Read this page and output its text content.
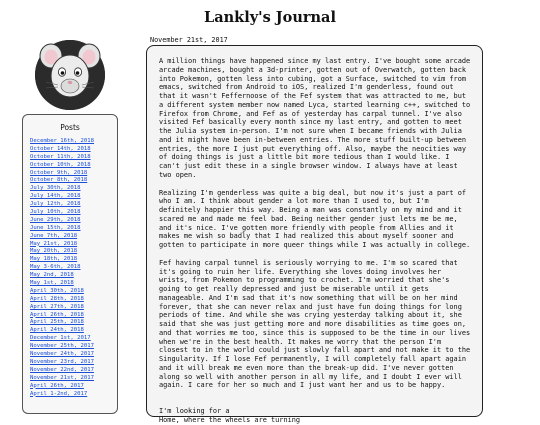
Lankly's Journal
Posts
December 16th, 2018
October 14th, 2018
October 11th, 2018
October 10th, 2018
October 9th, 2018
October 8th, 2018
July 30th, 2018
July 14th, 2018
July 12th, 2018
July 10th, 2018
June 29th, 2018
June 15th, 2018
June 7th, 2018
May 21st, 2018
May 20th, 2018
May 18th, 2018
May 3-6th, 2018
May 2nd, 2018
May 1st, 2018
April 30th, 2018
April 28th, 2018
April 27th, 2018
April 26th, 2018
April 25th, 2018
April 24th, 2018
December 1st, 2017
November 25th, 2017
November 24th, 2017
November 23rd, 2017
November 22nd, 2017
November 21st, 2017
April 26th, 2017
April 1-2nd, 2017
November 21st, 2017

A million things have happened since my last entry. I've bought some arcade arcade machines, bought a 3d-printer, gotten out of Overwatch, gotten back into Pokemon, gotten less into cubing, got a Surface, switched to vim from emacs, switched from Android to iOS, realized I'm genderless, found out that it wasn't Feffernoose of the Fef system that was attracted to me, but a different system member now named Lyca, started learning c++, switched to Firefox from Chrome, and Fef as of yesterday has carpal tunnel. I've also visited Fef basically every month since my last entry, and gotten to meet the Julia system in-person. I'm not sure when I became friends with Julia and it might have been in-between entries. The more stuff built-up between entries, the more I just put everything off. Also, maybe the neocities way of doing things is just a little bit more tedious than I would like. I can't just edit these in a single browser window. I always have at least two open.

Realizing I'm genderless was quite a big deal, but now it's just a part of who I am. I think about gender a lot more than I used to, but I'm definitely happier this way. Being a man was constantly on my mind and it scared me and made me feel bad. Being neither gender just lets me be me, and it's nice. I've gotten more friendly with people from Allies and it makes me wish so badly that I had realized this about myself sooner and gotten to participate in more queer things while I was actually in college.

Fef having carpal tunnel is seriously worrying to me. I'm so scared that it's going to ruin her life. Everything she loves doing involves her wrists, from Pokemon to programming to crochet. I'm worried that she's going to get really depressed and just be miserable until it gets manageable. And I'm sad that it's now something that will be on her mind forever, that she can never relax and just have fun doing things for long periods of time. And while she was crying yesterday talking about it, she said that she was just getting more and more disabilities as time goes on, and that worries me too, since this is supposed to be the time in our lives when we're in the best health. It makes me worry that the person I'm closest to in the world could just slowly fall apart and not make it to the Singularity. If I lose Fef permanently, I will completely fall apart again and it will break me even more than the break-up did. I've never gotten along so well with another person in all my life, and I doubt I ever will again. I care for her so much and I just want her and us to be happy.

I'm looking for a

Home, where the wheels are turning
